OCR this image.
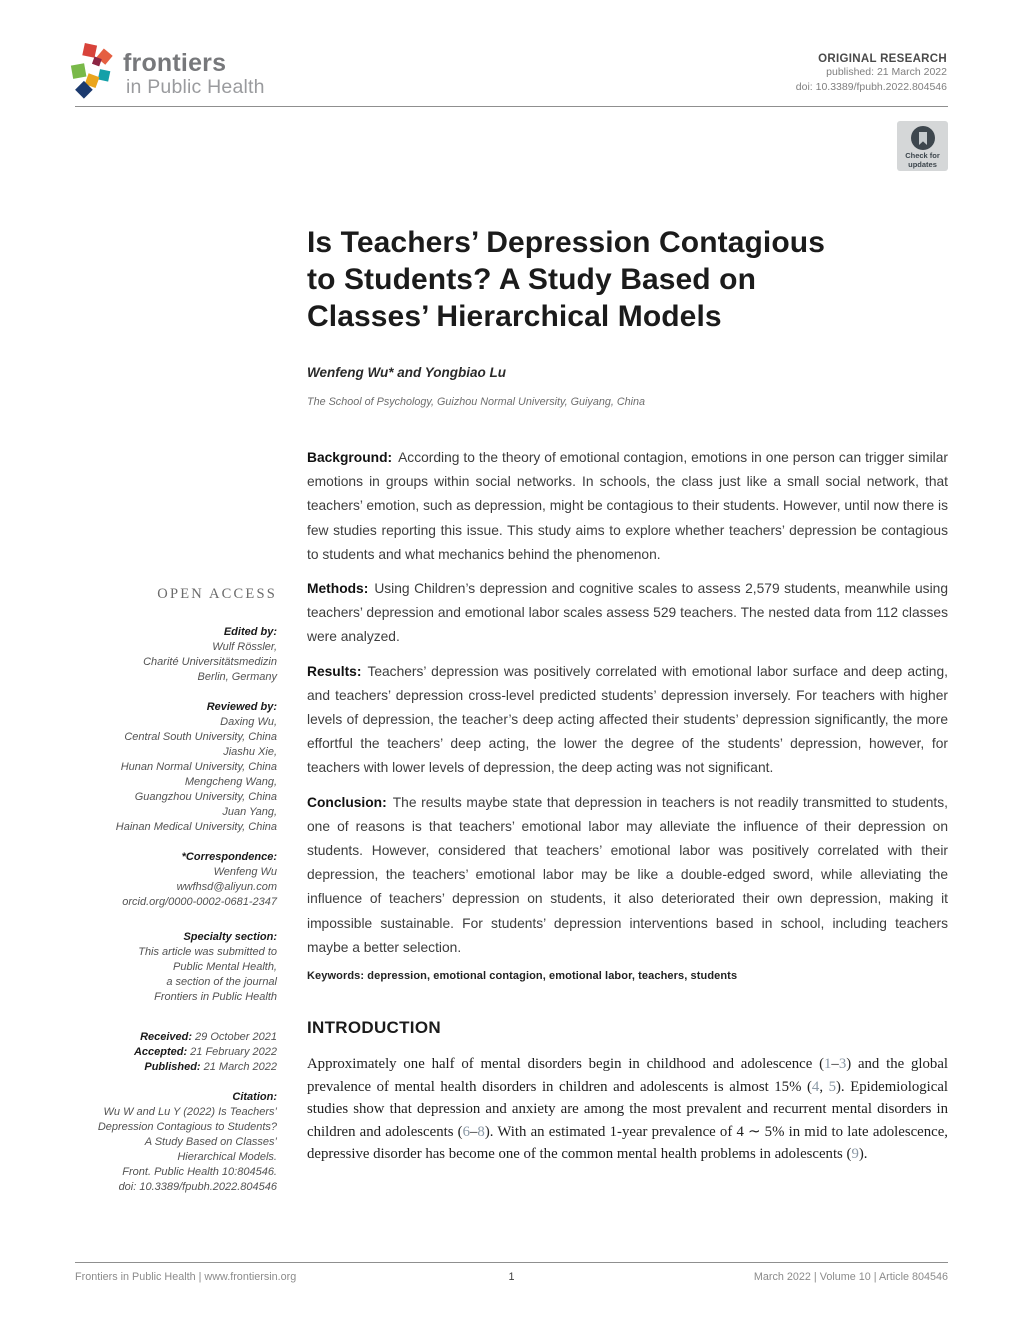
frontiers
in Public Health
ORIGINAL RESEARCH
published: 21 March 2022
doi: 10.3389/fpubh.2022.804546
Check for updates
OPEN ACCESS
Edited by:
Wulf Rössler,
Charité Universitätsmedizin
Berlin, Germany
Reviewed by:
Daxing Wu,
Central South University, China
Jiashu Xie,
Hunan Normal University, China
Mengcheng Wang,
Guangzhou University, China
Juan Yang,
Hainan Medical University, China
*Correspondence:
Wenfeng Wu
wwfhsd@aliyun.com
orcid.org/0000-0002-0681-2347
Specialty section:
This article was submitted to
Public Mental Health,
a section of the journal
Frontiers in Public Health
Received: 29 October 2021
Accepted: 21 February 2022
Published: 21 March 2022
Citation:
Wu W and Lu Y (2022) Is Teachers’
Depression Contagious to Students?
A Study Based on Classes’
Hierarchical Models.
Front. Public Health 10:804546.
doi: 10.3389/fpubh.2022.804546
Is Teachers’ Depression Contagious
to Students? A Study Based on
Classes’ Hierarchical Models
Wenfeng Wu* and Yongbiao Lu
The School of Psychology, Guizhou Normal University, Guiyang, China

Background: According to the theory of emotional contagion, emotions in one person can trigger similar emotions in groups within social networks. In schools, the class just like a small social network, that teachers’ emotion, such as depression, might be contagious to their students. However, until now there is few studies reporting this issue. This study aims to explore whether teachers’ depression be contagious to students and what mechanics behind the phenomenon.

Methods: Using Children’s depression and cognitive scales to assess 2,579 students, meanwhile using teachers’ depression and emotional labor scales assess 529 teachers. The nested data from 112 classes were analyzed.

Results: Teachers’ depression was positively correlated with emotional labor surface and deep acting, and teachers’ depression cross-level predicted students’ depression inversely. For teachers with higher levels of depression, the teacher’s deep acting affected their students’ depression significantly, the more effortful the teachers’ deep acting, the lower the degree of the students’ depression, however, for teachers with lower levels of depression, the deep acting was not significant.

Conclusion: The results maybe state that depression in teachers is not readily transmitted to students, one of reasons is that teachers’ emotional labor may alleviate the influence of their depression on students. However, considered that teachers’ emotional labor was positively correlated with their depression, the teachers’ emotional labor may be like a double-edged sword, while alleviating the influence of teachers’ depression on students, it also deteriorated their own depression, making it impossible sustainable. For students’ depression interventions based in school, including teachers maybe a better selection.

Keywords: depression, emotional contagion, emotional labor, teachers, students
INTRODUCTION

Approximately one half of mental disorders begin in childhood and adolescence (1–3) and the global prevalence of mental health disorders in children and adolescents is almost 15% (4, 5). Epidemiological studies show that depression and anxiety are among the most prevalent and recurrent mental disorders in children and adolescents (6–8). With an estimated 1-year prevalence of 4 ∼ 5% in mid to late adolescence, depressive disorder has become one of the common mental health problems in adolescents (9).

Frontiers in Public Health | www.frontiersin.org	1	March 2022 | Volume 10 | Article 804546
